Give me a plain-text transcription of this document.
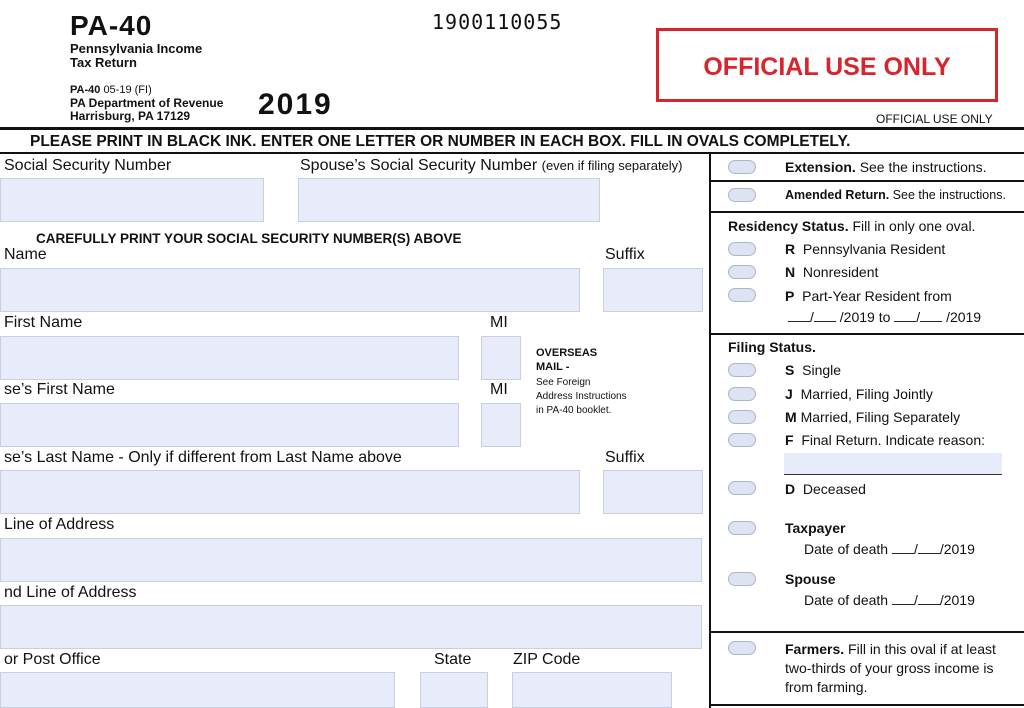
PA-40
Pennsylvania Income
Tax Return
PA-40 05-19 (FI)
PA Department of Revenue
Harrisburg, PA 17129 2019
1900110055
OFFICIAL USE ONLY
OFFICIAL USE ONLY
PLEASE PRINT IN BLACK INK. ENTER ONE LETTER OR NUMBER IN EACH BOX. FILL IN OVALS COMPLETELY.
Social Security Number	Spouse’s Social Security Number (even if filing separately)
CAREFULLY PRINT YOUR SOCIAL SECURITY NUMBER(S) ABOVE
Name	Suffix
First Name	MI
OVERSEAS
MAIL -
See Foreign
Address Instructions
in PA-40 booklet.
se’s First Name	MI
se’s Last Name - Only if different from Last Name above	Suffix
Line of Address
nd Line of Address
or Post Office	State	ZIP Code
Extension. See the instructions.
Amended Return. See the instructions.
Residency Status. Fill in only one oval.
R Pennsylvania Resident
N Nonresident
P Part-Year Resident from
/ /2019 to / /2019
Filing Status.
S Single
J Married, Filing Jointly
M Married, Filing Separately
F Final Return. Indicate reason:
D Deceased
Taxpayer
Date of death / /2019
Spouse
Date of death / /2019
Farmers. Fill in this oval if at least
two-thirds of your gross income is
from farming.
